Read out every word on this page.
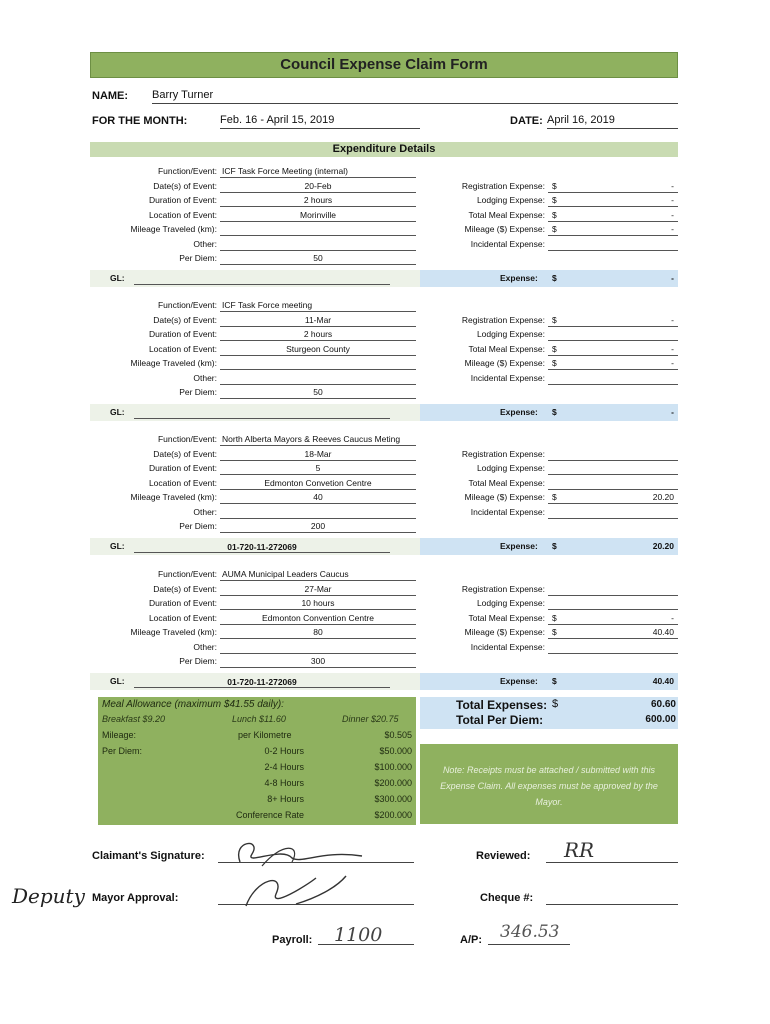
Council Expense Claim Form
NAME: Barry Turner
FOR THE MONTH:	Feb. 16 - April 15, 2019	DATE: April 16, 2019
Expenditure Details
Function/Event: ICF Task Force Meeting (internal)
Date(s) of Event:	20-Feb
Duration of Event:	2 hours
Location of Event:	Morinville
Mileage Traveled (km):
Other:
Per Diem:	50
Registration Expense: $	-
Lodging Expense: $	-
Total Meal Expense: $	-
Mileage ($) Expense: $	-
Incidental Expense:
GL:	Expense: $	-
Function/Event: ICF Task Force meeting
Date(s) of Event:	11-Mar
Duration of Event:	2 hours
Location of Event:	Sturgeon County
Mileage Traveled (km):
Other:
Per Diem:	50
Registration Expense: $	-
Lodging Expense:
Total Meal Expense: $	-
Mileage ($) Expense: $	-
Incidental Expense:
GL:	Expense: $	-
Function/Event: North Alberta Mayors & Reeves Caucus Meting
Date(s) of Event:	18-Mar
Duration of Event:	5
Location of Event:	Edmonton Convetion Centre
Mileage Traveled (km):	40
Other:
Per Diem:	200
Registration Expense:
Lodging Expense:
Total Meal Expense:
Mileage ($) Expense: $	20.20
Incidental Expense:
GL:	01-720-11-272069	Expense: $	20.20
Function/Event: AUMA Municipal Leaders Caucus
Date(s) of Event:	27-Mar
Duration of Event:	10 hours
Location of Event:	Edmonton Convention Centre
Mileage Traveled (km):	80
Other:
Per Diem:	300
Registration Expense:
Lodging Expense:
Total Meal Expense: $	-
Mileage ($) Expense: $	40.40
Incidental Expense:
GL:	01-720-11-272069	Expense: $	40.40
Total Expenses: $	60.60
Total Per Diem:	600.00
Meal Allowance (maximum $41.55 daily):
Breakfast $9.20	Lunch $11.60	Dinner $20.75
Mileage:	per Kilometre	$0.505
Per Diem:	0-2 Hours	$50.000
2-4 Hours	$100.000
4-8 Hours	$200.000
8+ Hours	$300.000
Conference Rate	$200.000
Note: Receipts must be attached / submitted with this Expense Claim. All expenses must be approved by the Mayor.
Claimant's Signature:	Reviewed: RR
Deputy Mayor Approval:	Cheque #:
Payroll: 1100	A/P: 346.53
